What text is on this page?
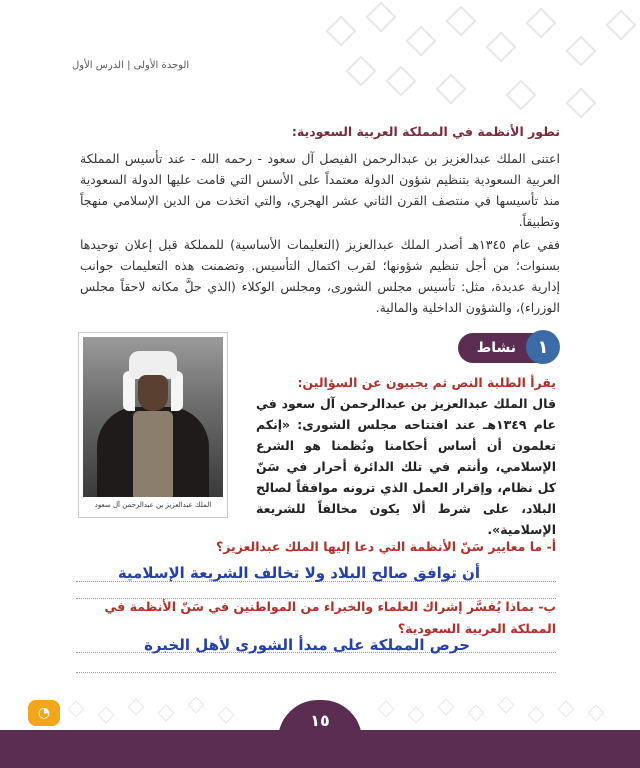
الوحدة الأولى | الدرس الأول
تطور الأنظمة في المملكة العربية السعودية:

اعتنى الملك عبدالعزيز بن عبدالرحمن الفيصل آل سعود - رحمه الله - عند تأسيس المملكة العربية السعودية بتنظيم شؤون الدولة معتمداً على الأسس التي قامت عليها الدولة السعودية منذ تأسيسها في منتصف القرن الثاني عشر الهجري، والتي اتخذت من الدين الإسلامي منهجاً وتطبيقاً.

ففي عام ١٣٤٥هـ أصدر الملك عبدالعزيز (التعليمات الأساسية) للمملكة قبل إعلان توحيدها بسنوات؛ من أجل تنظيم شؤونها؛ لقرب اكتمال التأسيس. وتضمنت هذه التعليمات جوانب إدارية عديدة، مثل: تأسيس مجلس الشورى، ومجلس الوكلاء (الذي حلَّ مكانه لاحقاً مجلس الوزراء)، والشؤون الداخلية والمالية.

١
نشاط
الملك عبدالعزيز بن عبدالرحمن آل سعود
يقرأ الطلبة النص ثم يجيبون عن السؤالين:

قال الملك عبدالعزيز بن عبدالرحمن آل سعود في عام ١٣٤٩هـ عند افتتاحه مجلس الشورى: «إنكم تعلمون أن أساس أحكامنا ونُظمنا هو الشرع الإسلامي، وأنتم في تلك الدائرة أحرار في سَنّ كل نظام، وإقرار العمل الذي ترونه موافقاً لصالح البلاد، على شرط ألا يكون مخالفاً للشريعة الإسلامية».

أ- ما معايير سَنّ الأنظمة التي دعا إليها الملك عبدالعزيز؟
أن توافق صالح البلاد ولا تخالف الشريعة الإسلامية
ب- بماذا يُفسَّر إشراك العلماء والخبراء من المواطنين في سَنّ الأنظمة في المملكة العربية السعودية؟
حرص المملكة على مبدأ الشورى لأهل الخبرة
◔	١٥
